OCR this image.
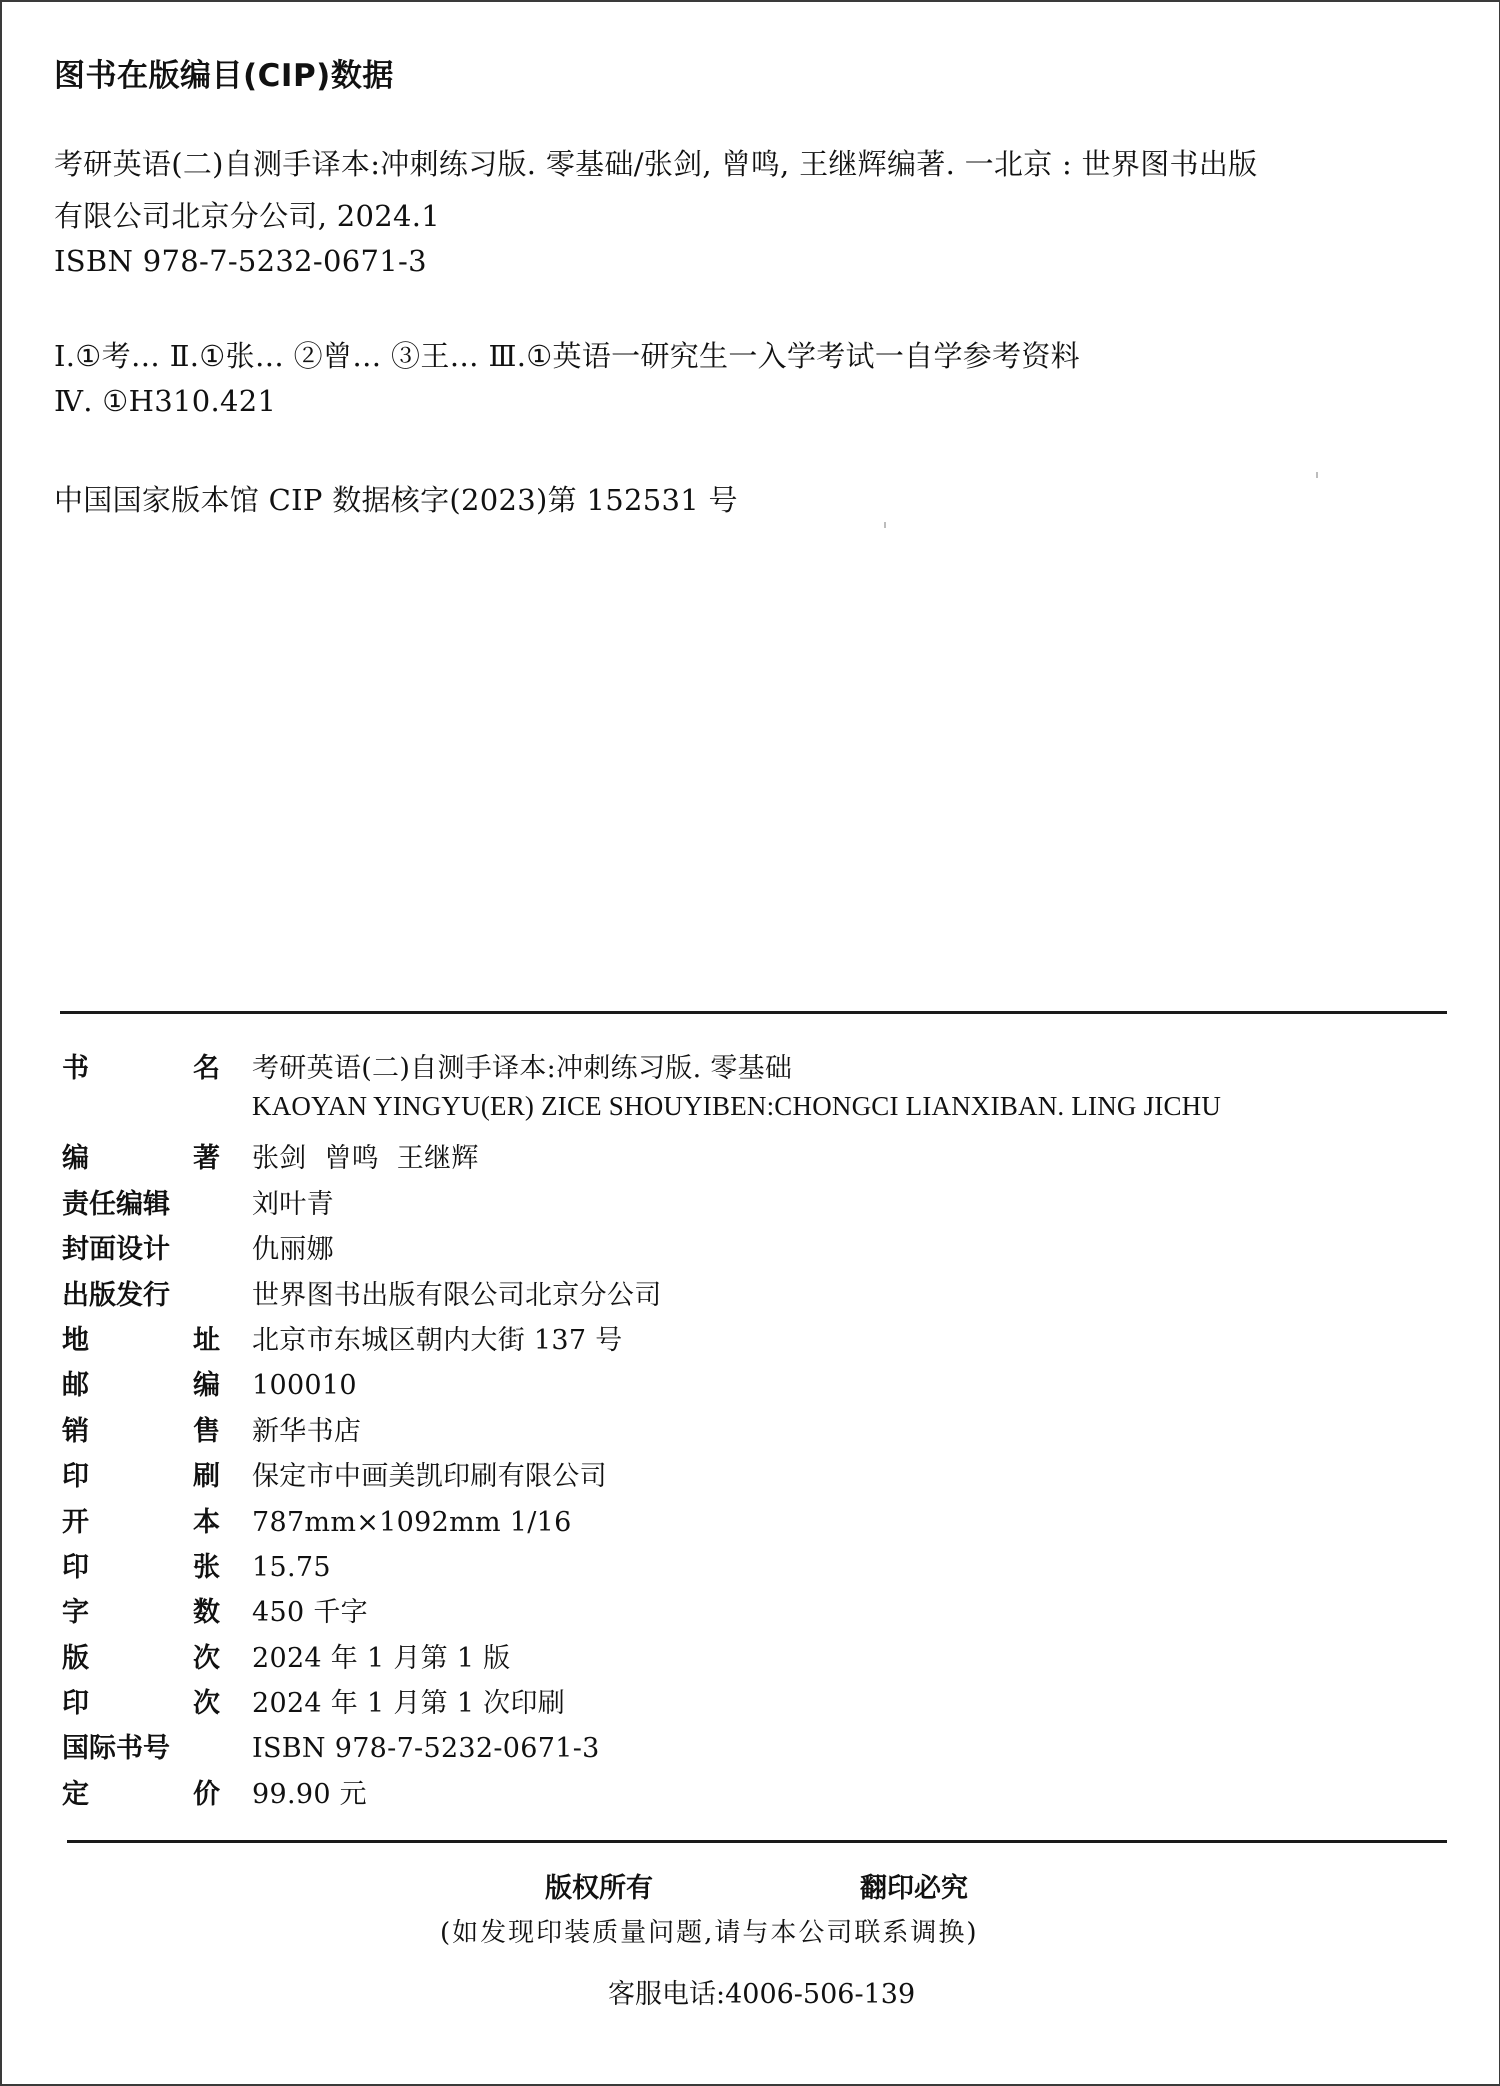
图书在版编目(CIP)数据
考研英语(二)自测手译本:冲刺练习版. 零基础/张剑, 曾鸣, 王继辉编著. 一北京 : 世界图书出版
有限公司北京分公司, 2024.1
ISBN 978-7-5232-0671-3
Ⅰ.①考… Ⅱ.①张… ②曾… ③王… Ⅲ.①英语一研究生一入学考试一自学参考资料
Ⅳ. ①H310.421
中国国家版本馆 CIP 数据核字(2023)第 152531 号
书	名	考研英语(二)自测手译本:冲刺练习版. 零基础
KAOYAN YINGYU(ER) ZICE SHOUYIBEN:CHONGCI LIANXIBAN. LING JICHU
编	著	张剑  曾鸣  王继辉
责任编辑	刘叶青
封面设计	仇丽娜
出版发行	世界图书出版有限公司北京分公司
地	址	北京市东城区朝内大街 137 号
邮	编	100010
销	售	新华书店
印	刷	保定市中画美凯印刷有限公司
开	本	787mm×1092mm 1/16
印	张	15.75
字	数	450 千字
版	次	2024 年 1 月第 1 版
印	次	2024 年 1 月第 1 次印刷
国际书号	ISBN 978-7-5232-0671-3
定	价	99.90 元
版权所有	翻印必究
(如发现印装质量问题,请与本公司联系调换)
客服电话:4006-506-139
